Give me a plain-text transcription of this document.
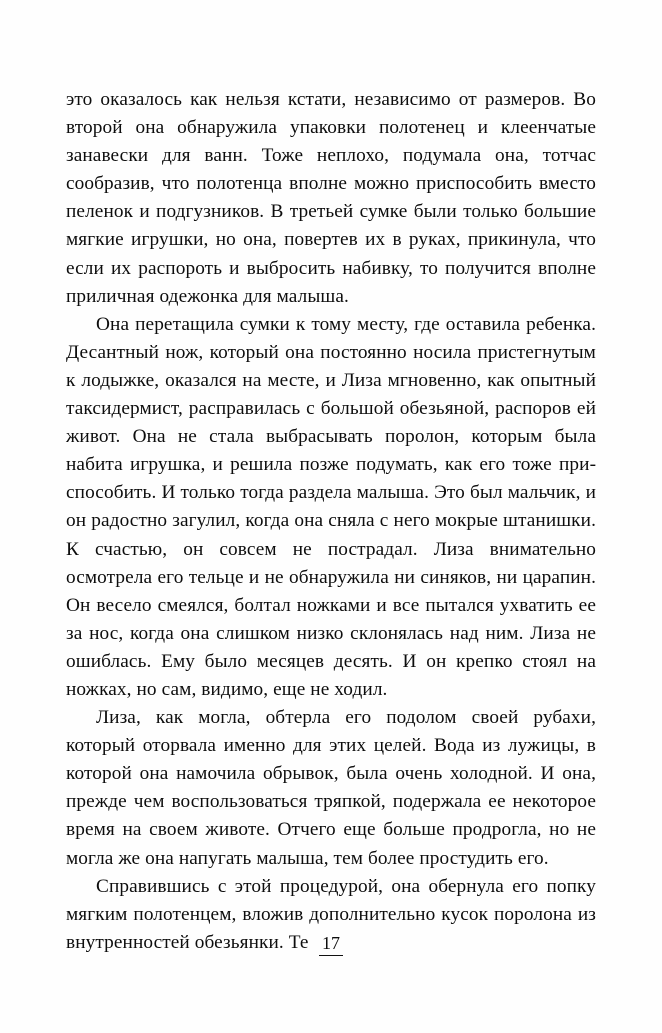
это оказалось как нельзя кстати, независимо от размеров. Во второй она обнаружила упаковки полотенец и клеенчатые занавески для ванн. Тоже неплохо, подумала она, тотчас сообразив, что полотенца вполне можно приспособить вместо пеленок и подгузников. В третьей сумке были только большие мягкие игрушки, но она, повертев их в руках, прикинула, что если их распороть и выбросить набивку, то получится вполне приличная одежонка для малыша.

Она перетащила сумки к тому месту, где оставила ребенка. Десантный нож, который она постоянно носила пристегнутым к лодыжке, оказался на месте, и Лиза мгновенно, как опытный таксидермист, расправилась с большой обезьяной, распоров ей живот. Она не стала выбрасывать поролон, которым была набита игрушка, и решила позже подумать, как его тоже приспособить. И только тогда раздела малыша. Это был мальчик, и он радостно загулил, когда она сняла с него мокрые штанишки. К счастью, он совсем не пострадал. Лиза внимательно осмотрела его тельце и не обнаружила ни синяков, ни царапин. Он весело смеялся, болтал ножками и все пытался ухватить ее за нос, когда она слишком низко склонялась над ним. Лиза не ошиблась. Ему было месяцев десять. И он крепко стоял на ножках, но сам, видимо, еще не ходил.

Лиза, как могла, обтерла его подолом своей рубахи, который оторвала именно для этих целей. Вода из лужицы, в которой она намочила обрывок, была очень холодной. И она, прежде чем воспользоваться тряпкой, подержала ее некоторое время на своем животе. Отчего еще больше продрогла, но не могла же она напугать малыша, тем более простудить его.

Справившись с этой процедурой, она обернула его попку мягким полотенцем, вложив дополнительно кусок поролона из внутренностей обезьянки. Те 17
